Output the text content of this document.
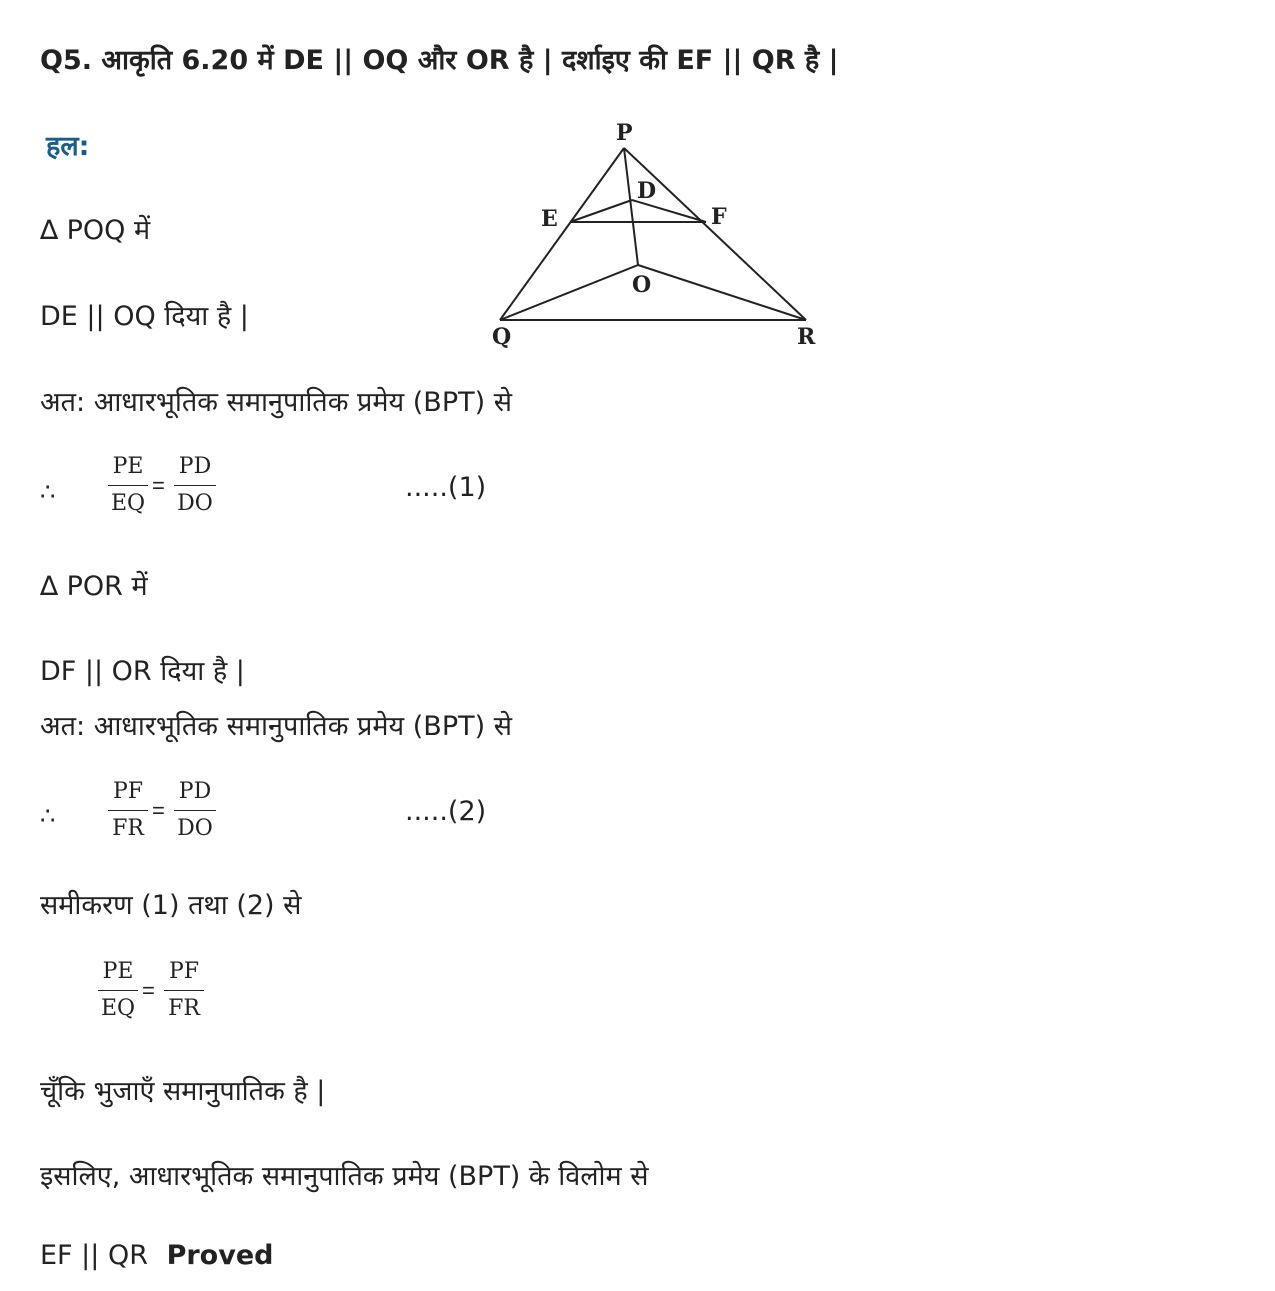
Q5. आकृति 6.20 में DE || OQ और OR है | दर्शाइए की EF || QR है |
हल:	P
D
E	F
O
Q	R
∆ POQ में
DE || OQ दिया है |
अत: आधारभूतिक समानुपातिक प्रमेय (BPT) से
∴
PE
EQ
=
PD
DO
.....(1)
∆ POR में
DF || OR दिया है |
अत: आधारभूतिक समानुपातिक प्रमेय (BPT) से
∴
PF
FR
=
PD
DO
.....(2)
समीकरण (1) तथा (2) से
PE
EQ
=
PF
FR
चूँकि भुजाएँ समानुपातिक है |
इसलिए, आधारभूतिक समानुपातिक प्रमेय (BPT) के विलोम से
EF || QR Proved
